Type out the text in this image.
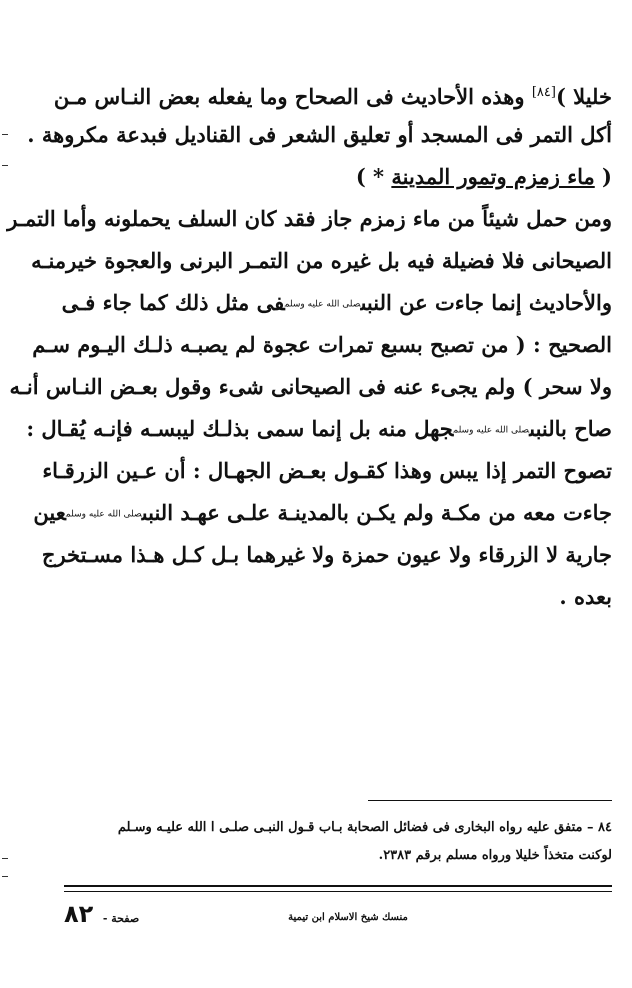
خليلا )[٨٤] وهذه الأحاديث فى الصحاح وما يفعله بعض النـاس مـن
أكل التمر فى المسجد أو تعليق الشعر فى القناديل فبدعة مكروهة .
( ماء زمزم وتمور المدينة * )
ومن حمل شيئاً من ماء زمزم جاز فقد كان السلف يحملونه وأما التمـر
الصيحانى فلا فضيلة فيه بل غيره من التمـر البرنى والعجوة خيرمنـه
والأحاديث إنما جاءت عن النبىصلى الله عليه وسلمفى مثل ذلك كما جاء فـى
الصحيح : ( من تصبح بسبع تمرات عجوة لم يصبـه ذلـك اليـوم سـم
ولا سحر ) ولم يجىء عنه فى الصيحانى شىء وقول بعـض النـاس أنـه
صاح بالنبىصلى الله عليه وسلمجهل منه بل إنما سمى بذلـك ليبسـه فإنـه يُقـال :
تصوح التمر إذا يبس وهذا كقـول بعـض الجهـال : أن عـين الزرقـاء
جاءت معه من مكـة ولم يكـن بالمدينـة علـى عهـد النبىصلى الله عليه وسلمعين
جارية لا الزرقاء ولا عيون حمزة ولا غيرهما بـل كـل هـذا مسـتخرج
بعده .
٨٤ – متفق عليه رواه البخارى فى فضائل الصحابة بـاب قـول النبـى صلـى ا الله عليـه وسـلم
لوكنت متخذاً خليلا ورواه مسلم برقم ٢٣٨٣.
صفحة - ٨٢	منسك شيخ الاسلام ابن تيمية
